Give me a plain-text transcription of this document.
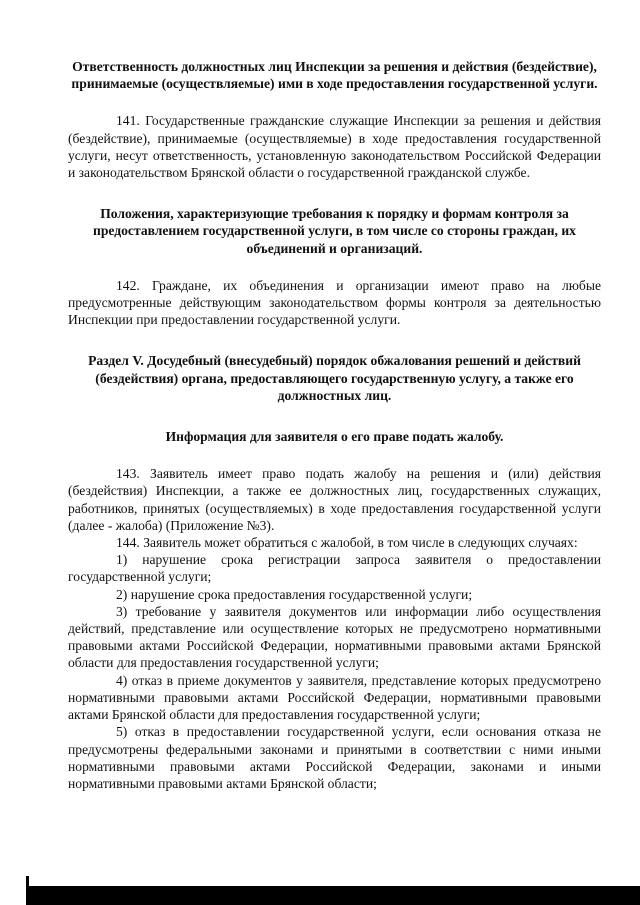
Ответственность должностных лиц Инспекции за решения и действия (бездействие), принимаемые (осуществляемые) ими в ходе предоставления государственной услуги.

141. Государственные гражданские служащие Инспекции за решения и действия (бездействие), принимаемые (осуществляемые) в ходе предоставления государственной услуги, несут ответственность, установленную законодательством Российской Федерации и законодательством Брянской области о государственной гражданской службе.

Положения, характеризующие требования к порядку и формам контроля за предоставлением государственной услуги, в том числе со стороны граждан, их объединений и организаций.

142. Граждане, их объединения и организации имеют право на любые предусмотренные действующим законодательством формы контроля за деятельностью Инспекции при предоставлении государственной услуги.

Раздел V. Досудебный (внесудебный) порядок обжалования решений и действий (бездействия) органа, предоставляющего государственную услугу, а также его должностных лиц.

Информация для заявителя о его праве подать жалобу.

143. Заявитель имеет право подать жалобу на решения и (или) действия (бездействия) Инспекции, а также ее должностных лиц, государственных служащих, работников, принятых (осуществляемых) в ходе предоставления государственной услуги (далее - жалоба) (Приложение №3).

144. Заявитель может обратиться с жалобой, в том числе в следующих случаях:

1) нарушение срока регистрации запроса заявителя о предоставлении государственной услуги;

2) нарушение срока предоставления государственной услуги;

3) требование у заявителя документов или информации либо осуществления действий, представление или осуществление которых не предусмотрено нормативными правовыми актами Российской Федерации, нормативными правовыми актами Брянской области для предоставления государственной услуги;

4) отказ в приеме документов у заявителя, представление которых предусмотрено нормативными правовыми актами Российской Федерации, нормативными правовыми актами Брянской области для предоставления государственной услуги;

5) отказ в предоставлении государственной услуги, если основания отказа не предусмотрены федеральными законами и принятыми в соответствии с ними иными нормативными правовыми актами Российской Федерации, законами и иными нормативными правовыми актами Брянской области;
